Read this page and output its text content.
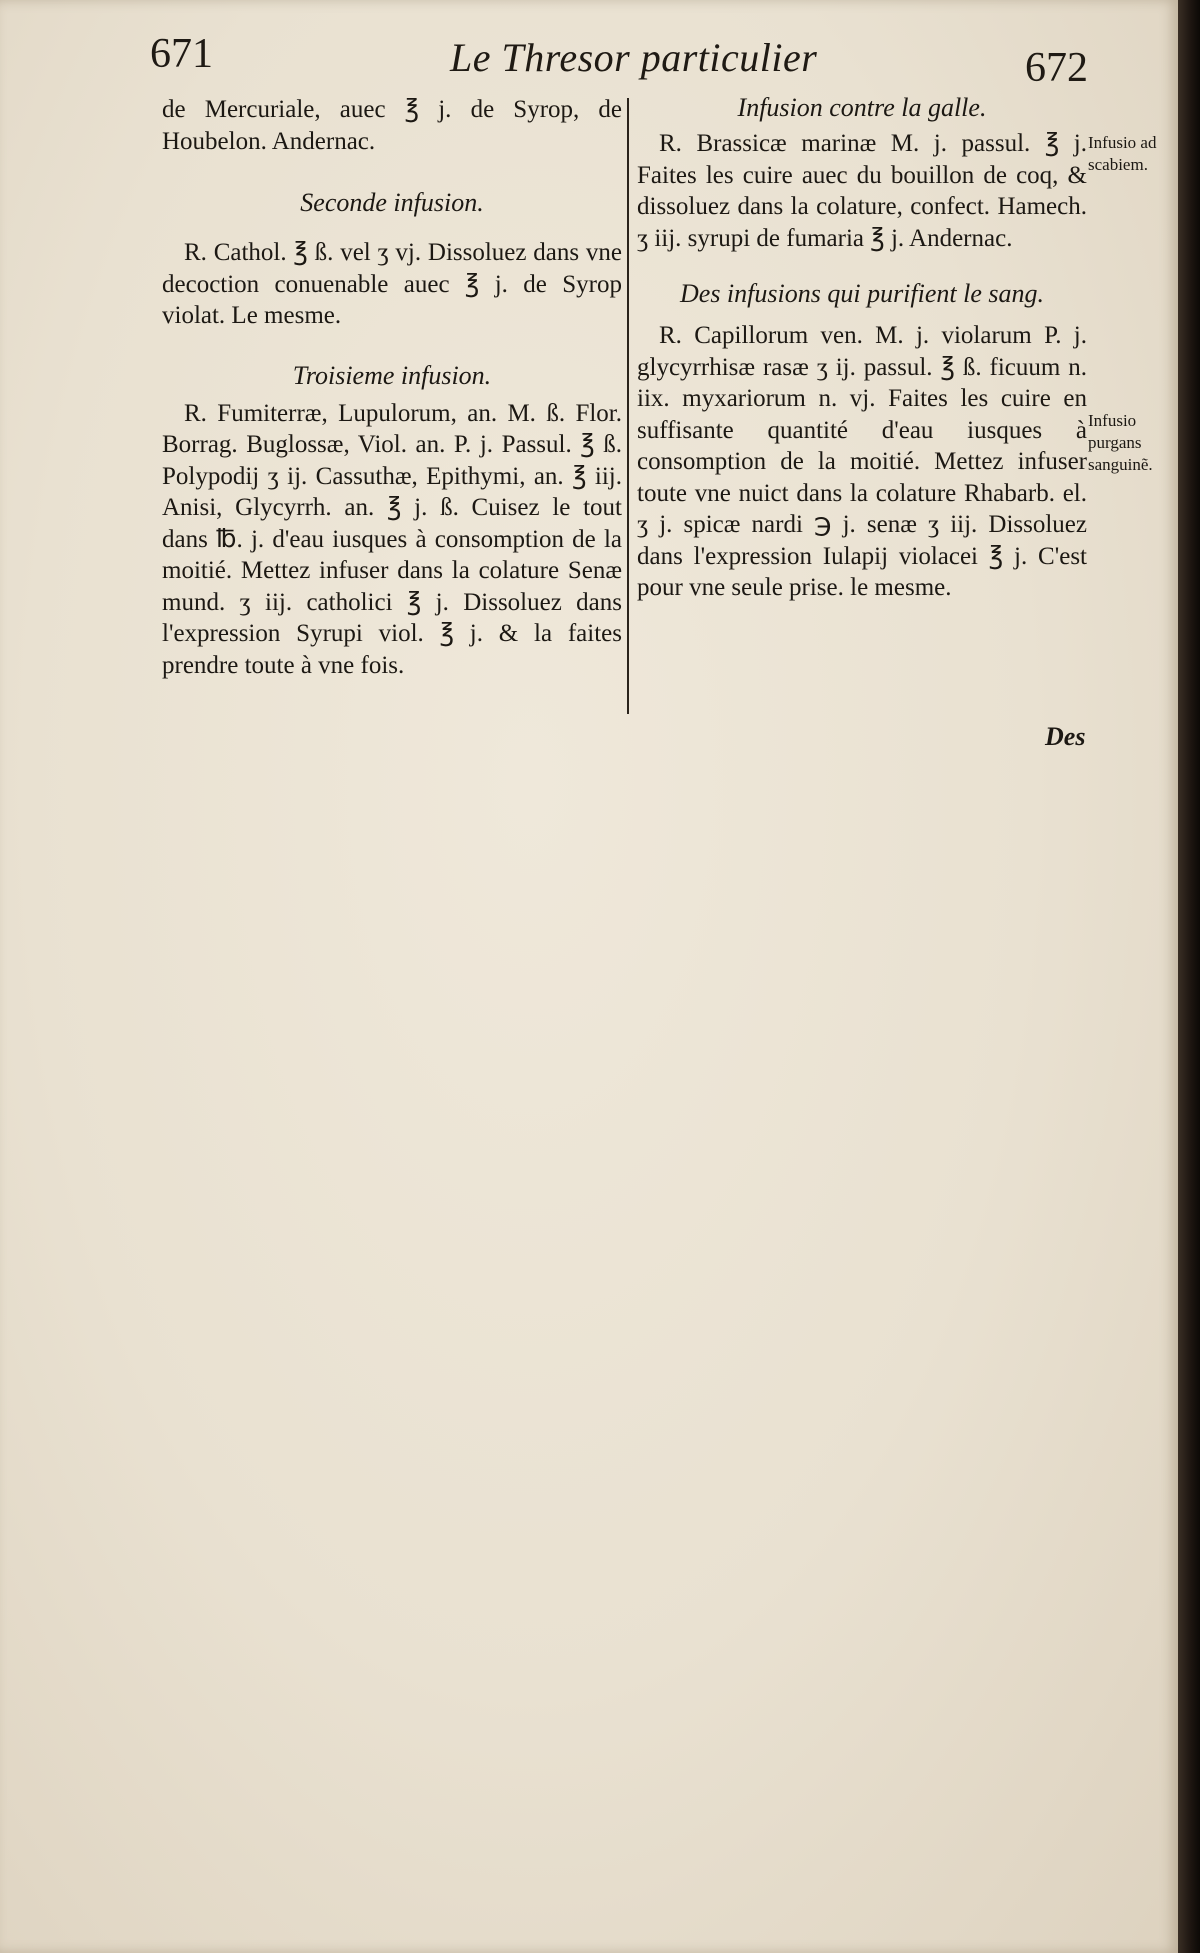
671	Le Thresor particulier	672

de Mercuriale, auec ℥ j. de Syrop, de Houbelon. Andernac.

Seconde infusion.

R. Cathol. ℥ ß. vel ʒ vj. Dissoluez dans vne decoction conuenable auec ℥ j. de Syrop violat. Le mesme.

Troisieme infusion.

R. Fumiterræ, Lupulorum, an. M. ß. Flor. Borrag. Buglossæ, Viol. an. P. j. Passul. ℥ ß. Polypodij ʒ ij. Cassuthæ, Epithymi, an. ℥ iij. Anisi, Glycyrrh. an. ℥ j. ß. Cuisez le tout dans ℔. j. d'eau iusques à consomption de la moitié. Mettez infuser dans la colature Senæ mund. ʒ iij. catholici ℥ j. Dissoluez dans l'expression Syrupi viol. ℥ j. & la faites prendre toute à vne fois.

Infusion contre la galle.

R. Brassicæ marinæ M. j. passul. ℥ j. Faites les cuire auec du bouillon de coq, & dissoluez dans la colature, confect. Hamech. ʒ iij. syrupi de fumaria ℥ j. Andernac.

Des infusions qui purifient le sang.

R. Capillorum ven. M. j. violarum P. j. glycyrrhisæ rasæ ʒ ij. passul. ℥ ß. ficuum n. iix. myxariorum n. vj. Faites les cuire en suffisante quantité d'eau iusques à consomption de la moitié. Mettez infuser toute vne nuict dans la colature Rhabarb. el. ʒ j. spicæ nardi ℈ j. senæ ʒ iij. Dissoluez dans l'expression Iulapij violacei ℥ j. C'est pour vne seule prise. le mesme.

Infusio ad scabiem.
Infusio purgans sanguinẽ.
Des
